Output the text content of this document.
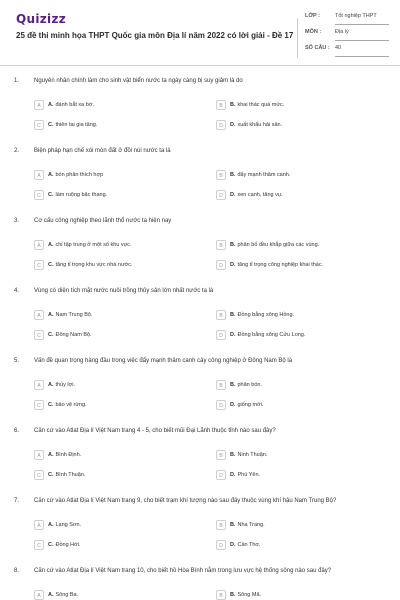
Quizizz
25 đề thi minh họa THPT Quốc gia môn Địa lí năm 2022 có lời giải - Đề 17
LỚP :	Tốt nghiệp THPT
MÔN :	Địa lý
SỐ CÂU : 40
1. Nguyên nhân chính làm cho sinh vật biển nước ta ngày càng bị suy giảm là do
A	A. đánh bắt xa bờ.	B	B. khai thác quá mức.
C	C. thiên tai gia tăng.	D	D. xuất khẩu hải sản.
2. Biện pháp hạn chế xói mòn đất ở đồi núi nước ta là
A	A. bón phân thích hợp	B	B. đẩy mạnh thâm canh.
C	C. làm ruộng bậc thang.	D	D. xen canh, tăng vụ.
3. Cơ cấu công nghiệp theo lãnh thổ nước ta hiện nay
A	A. chỉ tập trung ở một số khu vực.	B	B. phân bố đều khắp giữa các vùng.
C	C. tăng tỉ trọng khu vực nhà nước.	D	D. tăng tỉ trọng công nghiệp khai thác.
4. Vùng có diện tích mặt nước nuôi trồng thủy sản lớn nhất nước ta là
A	A. Nam Trung Bộ.	B	B. Đồng bằng sông Hồng.
C	C. Đông Nam Bộ.	D	D. Đồng bằng sông Cửu Long.
5. Vấn đề quan trọng hàng đầu trong việc đẩy mạnh thâm canh cây công nghiệp ở Đông Nam Bộ là
A	A. thủy lợi.	B	B. phân bón.
C	C. bảo vệ rừng.	D	D. giống mới.
6. Căn cứ vào Atlat Địa lí Việt Nam trang 4 - 5, cho biết mũi Đại Lãnh thuộc tỉnh nào sau đây?
A	A. Bình Định.	B	B. Ninh Thuận.
C	C. Bình Thuận.	D	D. Phú Yên.
7. Căn cứ vào Atlat Địa lí Việt Nam trang 9, cho biết trạm khí tượng nào sau đây thuộc vùng khí hậu Nam Trung Bộ?
A	A. Lạng Sơn.	B	B. Nha Trang.
C	C. Đồng Hới.	D	D. Cần Thơ.
8. Căn cứ vào Atlat Địa lí Việt Nam trang 10, cho biết hồ Hòa Bình nằm trong lưu vực hệ thống sông nào sau đây?
A	A. Sông Ba.	B	B. Sông Mã.
